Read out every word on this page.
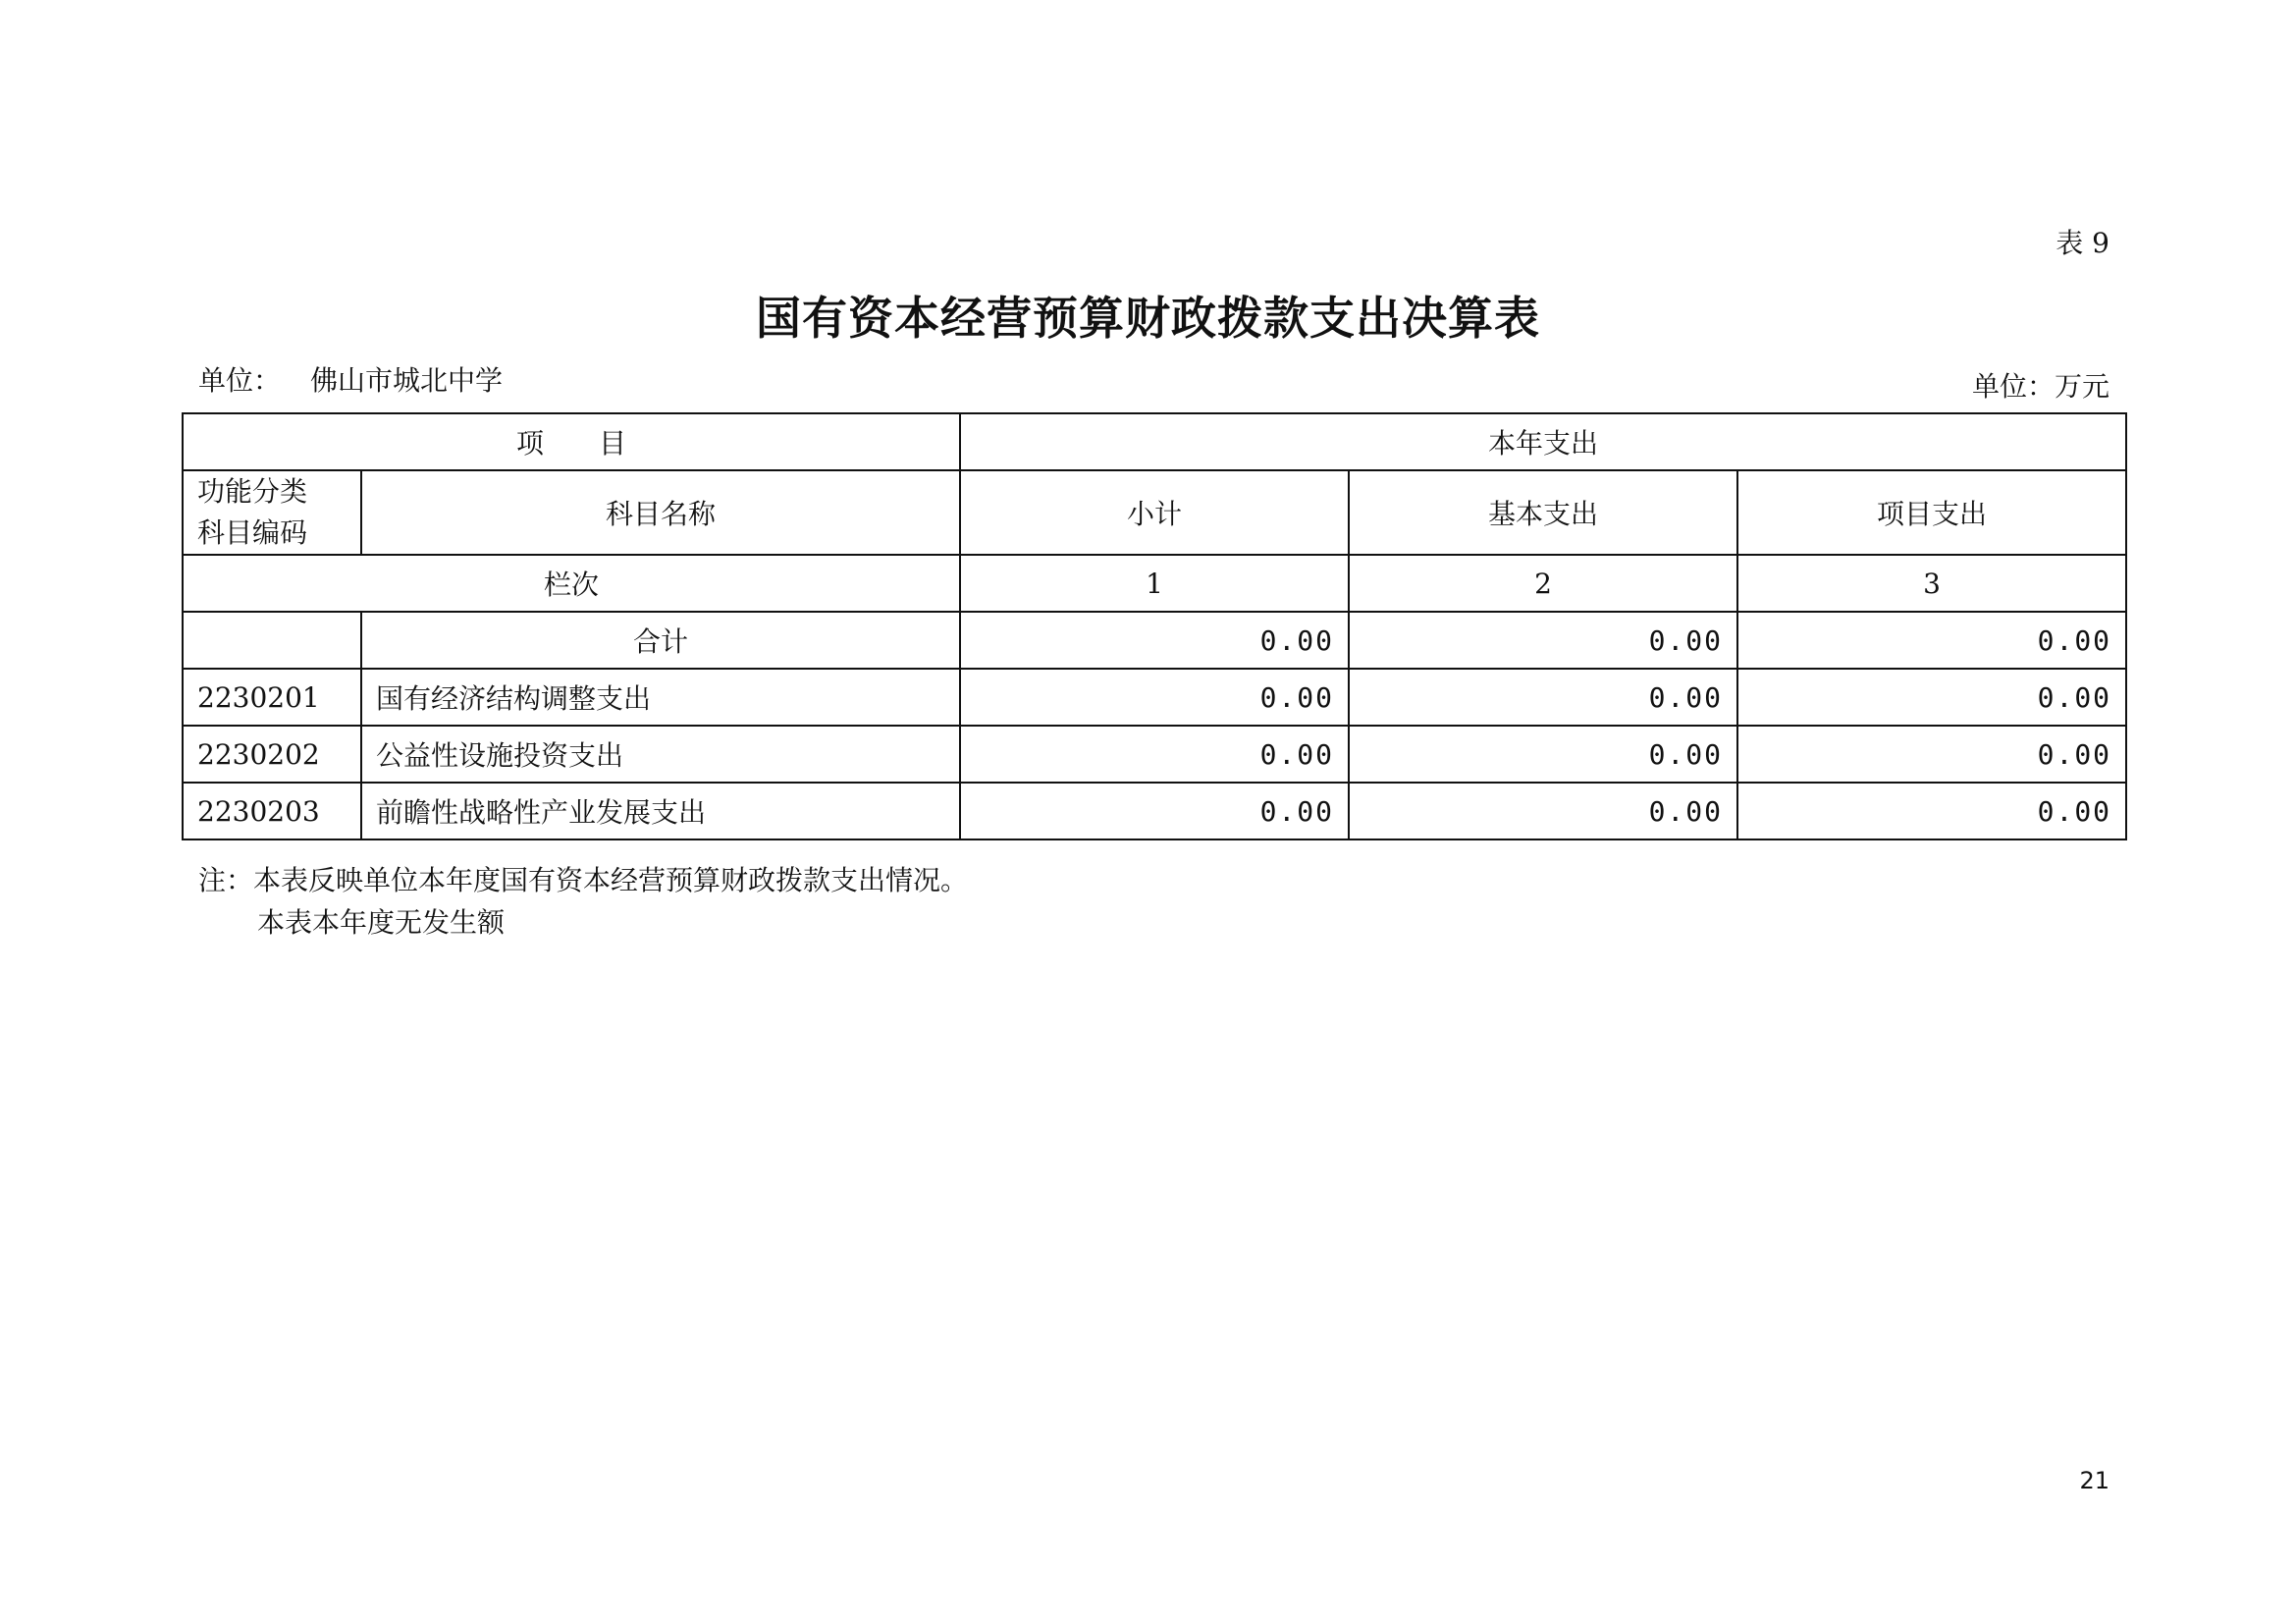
表 9
国有资本经营预算财政拨款支出决算表
单位： 佛山市城北中学	单位：万元
项　　目		本年支出		

功能分类
科目编码	科目名称	小计	基本支出	项目支出
栏次		1	2	3
	合计	0.00	0.00	0.00
2230201	国有经济结构调整支出	0.00	0.00	0.00
2230202	公益性设施投资支出	0.00	0.00	0.00
2230203	前瞻性战略性产业发展支出	0.00	0.00	0.00
注：本表反映单位本年度国有资本经营预算财政拨款支出情况。
本表本年度无发生额
21
